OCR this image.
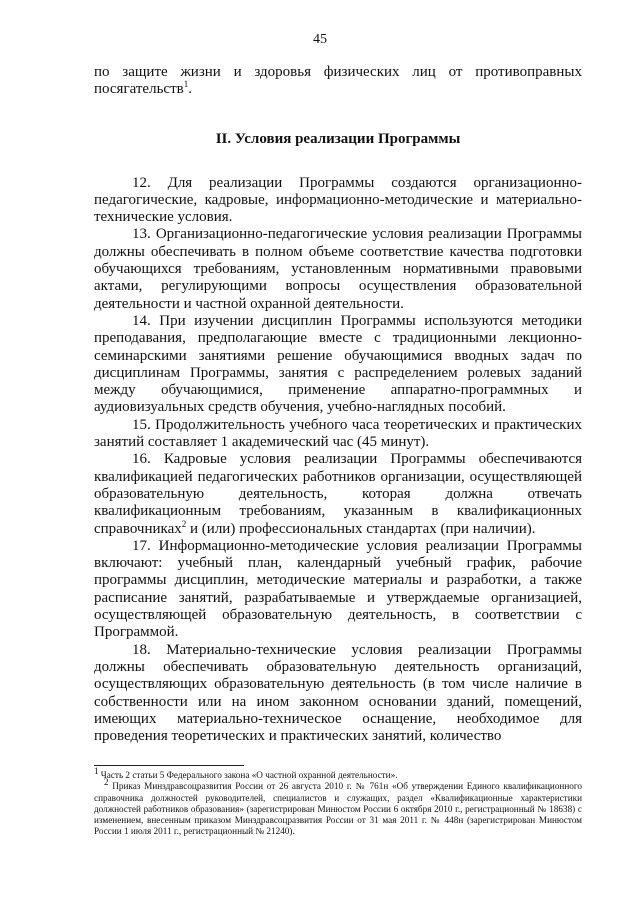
45

по защите жизни и здоровья физических лиц от противоправных посягательств$^1$.

II. Условия реализации Программы

12. Для реализации Программы создаются организационно-педагогические, кадровые, информационно-методические и материально-технические условия.

13. Организационно-педагогические условия реализации Программы должны обеспечивать в полном объеме соответствие качества подготовки обучающихся требованиям, установленным нормативными правовыми актами, регулирующими вопросы осуществления образовательной деятельности и частной охранной деятельности.

14. При изучении дисциплин Программы используются методики преподавания, предполагающие вместе с традиционными лекционно-семинарскими занятиями решение обучающимися вводных задач по дисциплинам Программы, занятия с распределением ролевых заданий между обучающимися, применение аппаратно-программных и аудиовизуальных средств обучения, учебно-наглядных пособий.

15. Продолжительность учебного часа теоретических и практических занятий составляет 1 академический час (45 минут).

16. Кадровые условия реализации Программы обеспечиваются квалификацией педагогических работников организации, осуществляющей образовательную деятельность, которая должна отвечать квалификационным требованиям, указанным в квалификационных справочниках$^2$ и (или) профессиональных стандартах (при наличии).

17. Информационно-методические условия реализации Программы включают: учебный план, календарный учебный график, рабочие программы дисциплин, методические материалы и разработки, а также расписание занятий, разрабатываемые и утверждаемые организацией, осуществляющей образовательную деятельность, в соответствии с Программой.

18. Материально-технические условия реализации Программы должны обеспечивать образовательную деятельность организаций, осуществляющих образовательную деятельность (в том числе наличие в собственности или на ином законном основании зданий, помещений, имеющих материально-техническое оснащение, необходимое для проведения теоретических и практических занятий, количество

$^1$ Часть 2 статьи 5 Федерального закона «О частной охранной деятельности».

$^2$ Приказ Минздравсоцразвития России от 26 августа 2010 г. № 761н «Об утверждении Единого квалификационного справочника должностей руководителей, специалистов и служащих, раздел «Квалификационные характеристики должностей работников образования» (зарегистрирован Минюстом России 6 октября 2010 г., регистрационный № 18638) с изменением, внесенным приказом Минздравсоцразвития России от 31 мая 2011 г. № 448н (зарегистрирован Минюстом России 1 июля 2011 г., регистрационный № 21240).
